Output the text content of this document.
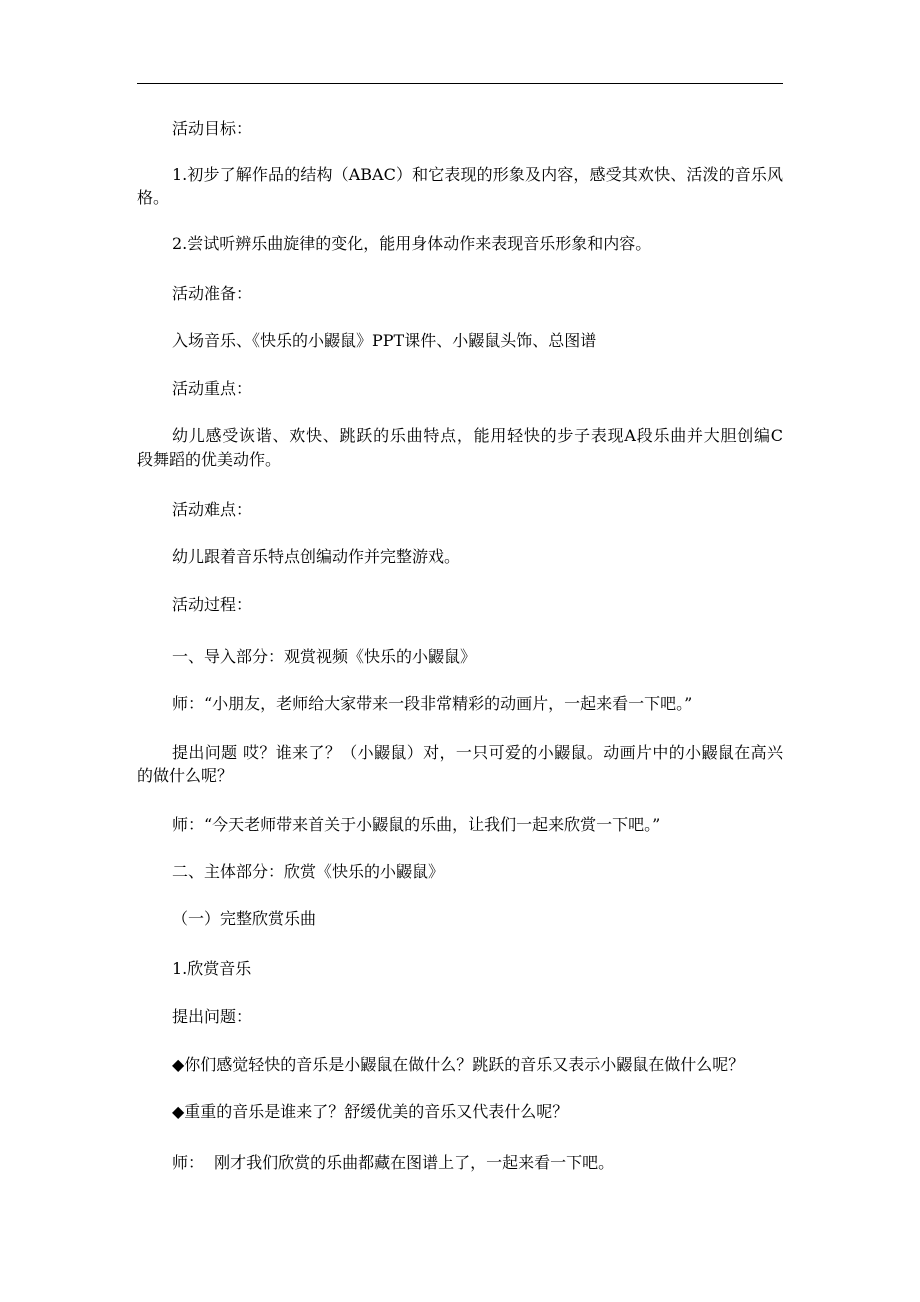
活动目标：
1.初步了解作品的结构（ABAC）和它表现的形象及内容，感受其欢快、活泼的音乐风
格。
2.尝试听辨乐曲旋律的变化，能用身体动作来表现音乐形象和内容。
活动准备：
入场音乐、《快乐的小鼹鼠》PPT课件、小鼹鼠头饰、总图谱
活动重点：
幼儿感受诙谐、欢快、跳跃的乐曲特点，能用轻快的步子表现A段乐曲并大胆创编C
段舞蹈的优美动作。
活动难点：
幼儿跟着音乐特点创编动作并完整游戏。
活动过程：
一、导入部分：观赏视频《快乐的小鼹鼠》
师：“小朋友，老师给大家带来一段非常精彩的动画片，一起来看一下吧。”
提出问题 哎？谁来了？（小鼹鼠）对，一只可爱的小鼹鼠。动画片中的小鼹鼠在高兴
的做什么呢？
师：“今天老师带来首关于小鼹鼠的乐曲，让我们一起来欣赏一下吧。”
二、主体部分：欣赏《快乐的小鼹鼠》
（一）完整欣赏乐曲
1.欣赏音乐
提出问题：
◆你们感觉轻快的音乐是小鼹鼠在做什么？跳跃的音乐又表示小鼹鼠在做什么呢？
◆重重的音乐是谁来了？舒缓优美的音乐又代表什么呢？
师：  刚才我们欣赏的乐曲都藏在图谱上了，一起来看一下吧。
